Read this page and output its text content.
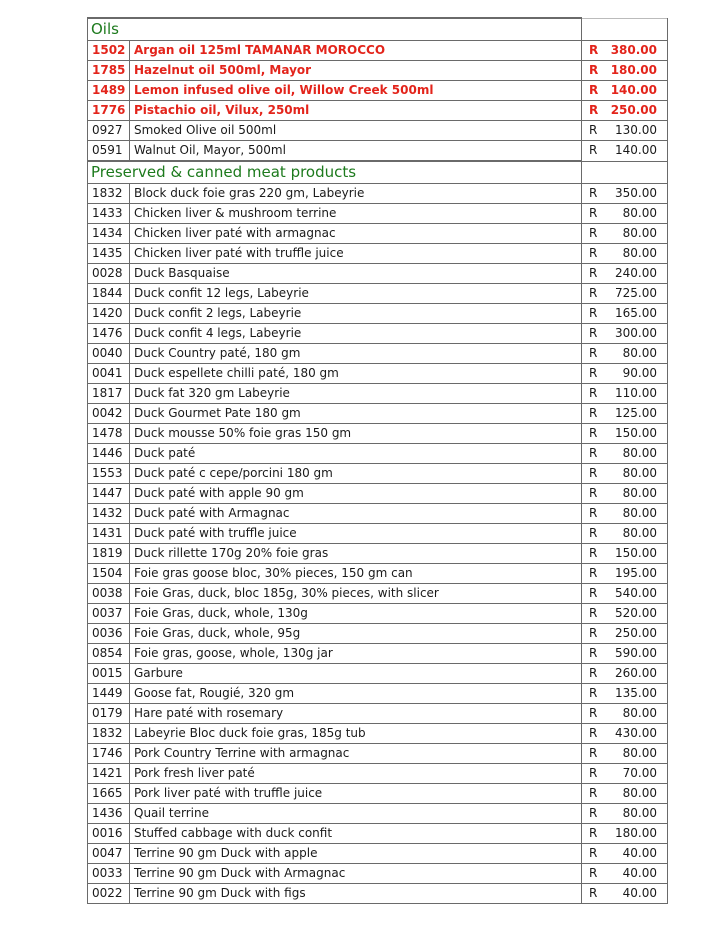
Oils		
1502	Argan oil 125ml TAMANAR MOROCCO	R 380.00

1785	Hazelnut oil 500ml, Mayor	R 180.00

1489	Lemon infused olive oil, Willow Creek 500ml	R 140.00

1776	Pistachio oil, Vilux, 250ml	R 250.00

0927	Smoked Olive oil 500ml	R 130.00

0591	Walnut Oil, Mayor, 500ml	R 140.00

Preserved & canned meat products		
1832	Block duck foie gras 220 gm, Labeyrie	R 350.00

1433	Chicken liver & mushroom terrine	R 80.00

1434	Chicken liver paté with armagnac	R 80.00

1435	Chicken liver paté with truffle juice	R 80.00

0028	Duck Basquaise	R 240.00

1844	Duck confit 12 legs, Labeyrie	R 725.00

1420	Duck confit 2 legs, Labeyrie	R 165.00

1476	Duck confit 4 legs, Labeyrie	R 300.00

0040	Duck Country paté, 180 gm	R 80.00

0041	Duck espellete chilli paté, 180 gm	R 90.00

1817	Duck fat 320 gm Labeyrie	R 110.00

0042	Duck Gourmet Pate 180 gm	R 125.00

1478	Duck mousse 50% foie gras 150 gm	R 150.00

1446	Duck paté	R 80.00

1553	Duck paté c cepe/porcini 180 gm	R 80.00

1447	Duck paté with apple 90 gm	R 80.00

1432	Duck paté with Armagnac	R 80.00

1431	Duck paté with truffle juice	R 80.00

1819	Duck rillette 170g 20% foie gras	R 150.00

1504	Foie gras goose bloc, 30% pieces, 150 gm can	R 195.00

0038	Foie Gras, duck, bloc 185g, 30% pieces, with slicer	R 540.00

0037	Foie Gras, duck, whole, 130g	R 520.00

0036	Foie Gras, duck, whole, 95g	R 250.00

0854	Foie gras, goose, whole, 130g jar	R 590.00

0015	Garbure	R 260.00

1449	Goose fat, Rougié, 320 gm	R 135.00

0179	Hare paté with rosemary	R 80.00

1832	Labeyrie Bloc duck foie gras, 185g tub	R 430.00

1746	Pork Country Terrine with armagnac	R 80.00

1421	Pork fresh liver paté	R 70.00

1665	Pork liver paté with truffle juice	R 80.00

1436	Quail terrine	R 80.00

0016	Stuffed cabbage with duck confit	R 180.00

0047	Terrine 90 gm Duck with apple	R 40.00

0033	Terrine 90 gm Duck with Armagnac	R 40.00

0022	Terrine 90 gm Duck with figs	R 40.00
